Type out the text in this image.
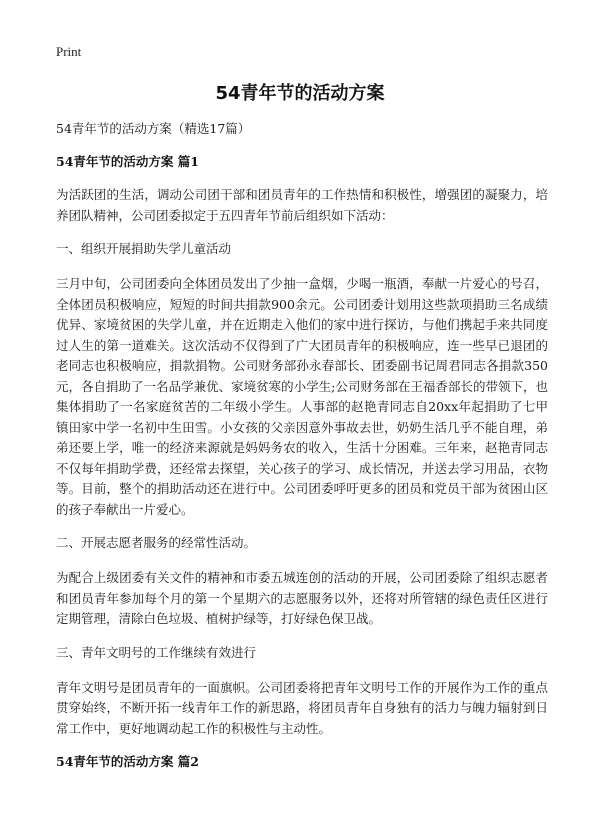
Print
54青年节的活动方案

54青年节的活动方案（精选17篇）

54青年节的活动方案 篇1

为活跃团的生活，调动公司团干部和团员青年的工作热情和积极性，增强团的凝聚力，培养团队精神，公司团委拟定于五四青年节前后组织如下活动：

一、组织开展捐助失学儿童活动

三月中旬，公司团委向全体团员发出了少抽一盒烟，少喝一瓶酒，奉献一片爱心的号召，全体团员积极响应，短短的时间共捐款900余元。公司团委计划用这些款项捐助三名成绩优异、家境贫困的失学儿童，并在近期走入他们的家中进行探访，与他们携起手来共同度过人生的第一道难关。这次活动不仅得到了广大团员青年的积极响应，连一些早已退团的老同志也积极响应，捐款捐物。公司财务部孙永春部长、团委副书记周君同志各捐款350元，各自捐助了一名品学兼优、家境贫寒的小学生;公司财务部在王福香部长的带领下，也集体捐助了一名家庭贫苦的二年级小学生。人事部的赵艳青同志自20xx年起捐助了七甲镇田家中学一名初中生田雪。小女孩的父亲因意外事故去世，奶奶生活几乎不能自理，弟弟还要上学，唯一的经济来源就是妈妈务农的收入，生活十分困难。三年来，赵艳青同志不仅每年捐助学费，还经常去探望，关心孩子的学习、成长情况，并送去学习用品，衣物等。目前，整个的捐助活动还在进行中。公司团委呼吁更多的团员和党员干部为贫困山区的孩子奉献出一片爱心。

二、开展志愿者服务的经常性活动。

为配合上级团委有关文件的精神和市委五城连创的活动的开展，公司团委除了组织志愿者和团员青年参加每个月的第一个星期六的志愿服务以外，还将对所管辖的绿色责任区进行定期管理，清除白色垃圾、植树护绿等，打好绿色保卫战。

三、青年文明号的工作继续有效进行

青年文明号是团员青年的一面旗帜。公司团委将把青年文明号工作的开展作为工作的重点贯穿始终，不断开拓一线青年工作的新思路，将团员青年自身独有的活力与魄力辐射到日常工作中，更好地调动起工作的积极性与主动性。

54青年节的活动方案 篇2
